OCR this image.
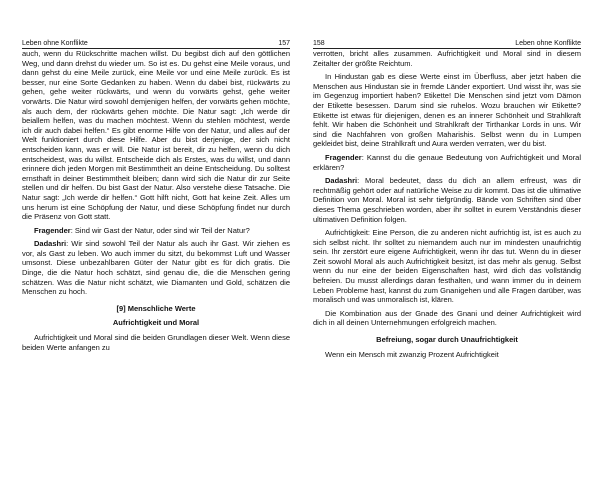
Leben ohne Konflikte	157

auch, wenn du Rückschritte machen willst. Du begibst dich auf den göttlichen Weg, und dann drehst du wieder um. So ist es. Du gehst eine Meile voraus, und dann gehst du eine Meile zurück, eine Meile vor und eine Meile zurück. Es ist besser, nur eine Sorte Gedanken zu haben. Wenn du dabei bist, rückwärts zu gehen, gehe weiter rückwärts, und wenn du vorwärts gehst, gehe weiter vorwärts. Die Natur wird sowohl demjenigen helfen, der vorwärts gehen möchte, als auch dem, der rückwärts gehen möchte. Die Natur sagt: „Ich werde dir beiallem helfen, was du machen möchtest. Wenn du stehlen möchtest, werde ich dir auch dabei helfen.“ Es gibt enorme Hilfe von der Natur, und alles auf der Welt funktioniert durch diese Hilfe. Aber du bist derjenige, der sich nicht entscheiden kann, was er will. Die Natur ist bereit, dir zu helfen, wenn du dich entscheidest, was du willst. Entscheide dich als Erstes, was du willst, und dann erinnere dich jeden Morgen mit Bestimmtheit an deine Entscheidung. Du solltest ernsthaft in deiner Bestimmtheit bleiben; dann wird sich die Natur dir zur Seite stellen und dir helfen. Du bist Gast der Natur. Also verstehe diese Tatsache. Die Natur sagt: „Ich werde dir helfen.“ Gott hilft nicht, Gott hat keine Zeit. Alles um uns herum ist eine Schöpfung der Natur, und diese Schöpfung findet nur durch die Präsenz von Gott statt.

Fragender: Sind wir Gast der Natur, oder sind wir Teil der Natur?

Dadashri: Wir sind sowohl Teil der Natur als auch ihr Gast. Wir ziehen es vor, als Gast zu leben. Wo auch immer du sitzt, du bekommst Luft und Wasser umsonst. Diese unbezahlbaren Güter der Natur gibt es für dich gratis. Die Dinge, die die Natur hoch schätzt, sind genau die, die die Menschen gering schätzen. Was die Natur nicht schätzt, wie Diamanten und Gold, schätzen die Menschen zu hoch.

[9] Menschliche Werte
Aufrichtigkeit und Moral

Aufrichtigkeit und Moral sind die beiden Grundlagen dieser Welt. Wenn diese beiden Werte anfangen zu

158	Leben ohne Konflikte

verrotten, bricht alles zusammen. Aufrichtigkeit und Moral sind in diesem Zeitalter der größte Reichtum.

In Hindustan gab es diese Werte einst im Überfluss, aber jetzt haben die Menschen aus Hindustan sie in fremde Länder exportiert. Und wisst ihr, was sie im Gegenzug importiert haben? Etikette! Die Menschen sind jetzt vom Dämon der Etikette besessen. Darum sind sie ruhelos. Wozu brauchen wir Etikette? Etikette ist etwas für diejenigen, denen es an innerer Schönheit und Strahlkraft fehlt. Wir haben die Schönheit und Strahlkraft der Tirthankar Lords in uns. Wir sind die Nachfahren von großen Maharishis. Selbst wenn du in Lumpen gekleidet bist, deine Strahlkraft und Aura werden verraten, wer du bist.

Fragender: Kannst du die genaue Bedeutung von Aufrichtigkeit und Moral erklären?

Dadashri: Moral bedeutet, dass du dich an allem erfreust, was dir rechtmäßig gehört oder auf natürliche Weise zu dir kommt. Das ist die ultimative Definition von Moral. Moral ist sehr tiefgründig. Bände von Schriften sind über dieses Thema geschrieben worden, aber ihr solltet in eurem Verständnis dieser ultimativen Definition folgen.

Aufrichtigkeit: Eine Person, die zu anderen nicht aufrichtig ist, ist es auch zu sich selbst nicht. Ihr solltet zu niemandem auch nur im mindesten unaufrichtig sein. Ihr zerstört eure eigene Aufrichtigkeit, wenn ihr das tut. Wenn du in dieser Zeit sowohl Moral als auch Aufrichtigkeit besitzt, ist das mehr als genug. Selbst wenn du nur eine der beiden Eigenschaften hast, wird dich das vollständig befreien. Du musst allerdings daran festhalten, und wann immer du in deinem Leben Probleme hast, kannst du zum Gnanigehen und alle Fragen darüber, was moralisch und was unmoralisch ist, klären.

Die Kombination aus der Gnade des Gnani und deiner Aufrichtigkeit wird dich in all deinen Unternehmungen erfolgreich machen.

Befreiung, sogar durch Unaufrichtigkeit

Wenn ein Mensch mit zwanzig Prozent Aufrichtigkeit
